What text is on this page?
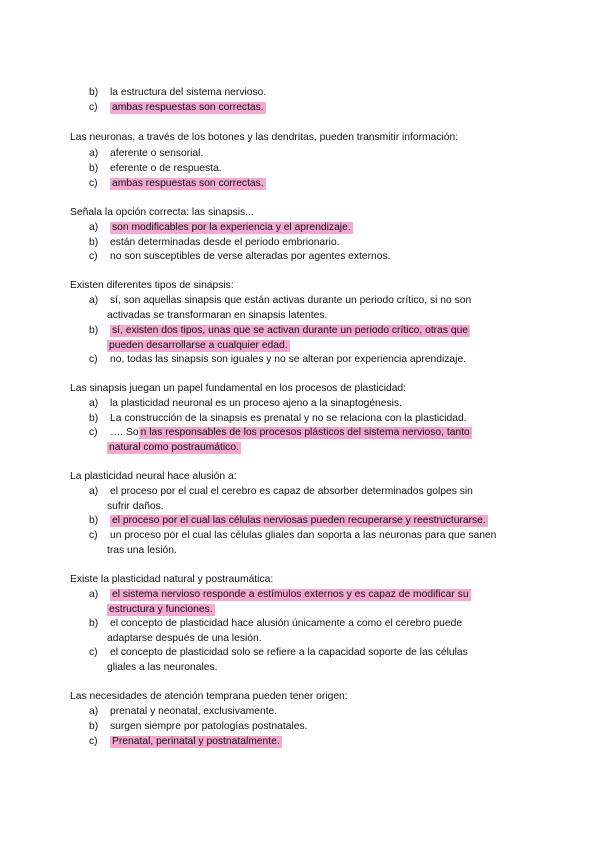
b) la estructura del sistema nervioso.
c) ambas respuestas son correctas.
Las neuronas, a través de los botones y las dendritas, pueden transmitir información:
a) aferente o sensorial.
b) eferente o de respuesta.
c) ambas respuestas son correctas.
Señala la opción correcta: las sinapsis...
a) son modificables por la experiencia y el aprendizaje.
b) están determinadas desde el periodo embrionario.
c) no son susceptibles de verse alteradas por agentes externos.
Existen diferentes tipos de sinapsis:
a) sí, son aquellas sinapsis que están activas durante un periodo crítico, si no son
activadas se transformaran en sinapsis latentes.
b) sí, existen dos tipos, unas que se activan durante un periodo crítico, otras que
pueden desarrollarse a cualquier edad.
c) no, todas las sinapsis son iguales y no se alteran por experiencia aprendizaje.
Las sinapsis juegan un papel fundamental en los procesos de plasticidad:
a) la plasticidad neuronal es un proceso ajeno a la sinaptogénesis.
b) La construcción de la sinapsis es prenatal y no se relaciona con la plasticidad.
c) …. So n las responsables de los procesos plásticos del sistema nervioso, tanto
natural como postraumático.
La plasticidad neural hace alusión a:
a) el proceso por el cual el cerebro es capaz de absorber determinados golpes sin
sufrir daños.
b) el proceso por el cual las células nerviosas pueden recuperarse y reestructurarse.
c) un proceso por el cual las células gliales dan soporta a las neuronas para que sanen
tras una lesión.
Existe la plasticidad natural y postraumática:
a) el sistema nervioso responde a estímulos externos y es capaz de modificar su
estructura y funciones.
b) el concepto de plasticidad hace alusión únicamente a como el cerebro puede
adaptarse después de una lesión.
c) el concepto de plasticidad solo se refiere a la capacidad soporte de las células
gliales a las neuronales.
Las necesidades de atención temprana pueden tener origen:
a) prenatal y neonatal, exclusivamente.
b) surgen siempre por patologías postnatales.
c) Prenatal, perinatal y postnatalmente.
